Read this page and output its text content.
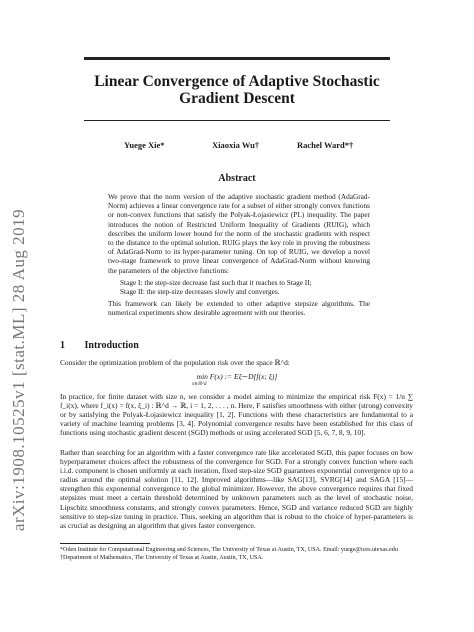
arXiv:1908.10525v1 [stat.ML] 28 Aug 2019
Linear Convergence of Adaptive Stochastic
Gradient Descent
Yuege Xie*	Xiaoxia Wu†	Rachel Ward*†
Abstract

We prove that the norm version of the adaptive stochastic gradient method (AdaGrad-Norm) achieves a linear convergence rate for a subset of either strongly convex functions or non-convex functions that satisfy the Polyak-Łojasiewicz (PL) inequality. The paper introduces the notion of Restricted Uniform Inequality of Gradients (RUIG), which describes the uniform lower bound for the norm of the stochastic gradients with respect to the distance to the optimal solution. RUIG plays the key role in proving the robustness of AdaGrad-Norm to its hyper-parameter tuning. On top of RUIG, we develop a novel two-stage framework to prove linear convergence of AdaGrad-Norm without knowing the parameters of the objective functions:

Stage I: the step-size decrease fast such that it reaches to Stage II;

Stage II: the step-size decreases slowly and converges.

This framework can likely be extended to other adaptive stepsize algorithms. The numerical experiments show desirable agreement with our theories.

1 Introduction

Consider the optimization problem of the population risk over the space ℝ^d:

min F(x) := Eξ∼D[f(x; ξ)]
x∈ℝ^d

In practice, for finite dataset with size n, we consider a model aiming to minimize the empirical risk F(x) = 1/n ∑ f_i(x), where f_i(x) = f(x, ξ_i) : ℝ^d → ℝ, i = 1, 2, . . . , n. Here, F satisfies smoothness with either (strong) convexity or by satisfying the Polyak-Łojasiewicz inequality [1, 2]. Functions with these characteristics are fundamental to a variety of machine learning problems [3, 4]. Polynomial convergence results have been established for this class of functions using stochastic gradient descent (SGD) methods or using accelerated SGD [5, 6, 7, 8, 9, 10].

Rather than searching for an algorithm with a faster convergence rate like accelerated SGD, this paper focuses on how hyperparameter choices affect the robustness of the convergence for SGD. For a strongly convex function where each i.i.d. component is chosen uniformly at each iteration, fixed step-size SGD guarantees exponential convergence up to a radius around the optimal solution [11, 12]. Improved algorithms—like SAG[13], SVRG[14] and SAGA [15]—strengthen this exponential convergence to the global minimizer. However, the above convergence requires that fixed stepsizes must meet a certain threshold determined by unknown parameters such as the level of stochastic noise, Lipschitz smoothness constants, and strongly convex parameters. Hence, SGD and variance reduced SGD are highly sensitive to step-size tuning in practice. Thus, seeking an algorithm that is robust to the choice of hyper-parameters is as crucial as designing an algorithm that gives faster convergence.

*Oden Institute for Computational Engineering and Sciences, The University of Texas at Austin, TX, USA. Email: yuege@ices.utexas.edu

†Department of Mathematics, The University of Texas at Austin, Austin, TX, USA.
